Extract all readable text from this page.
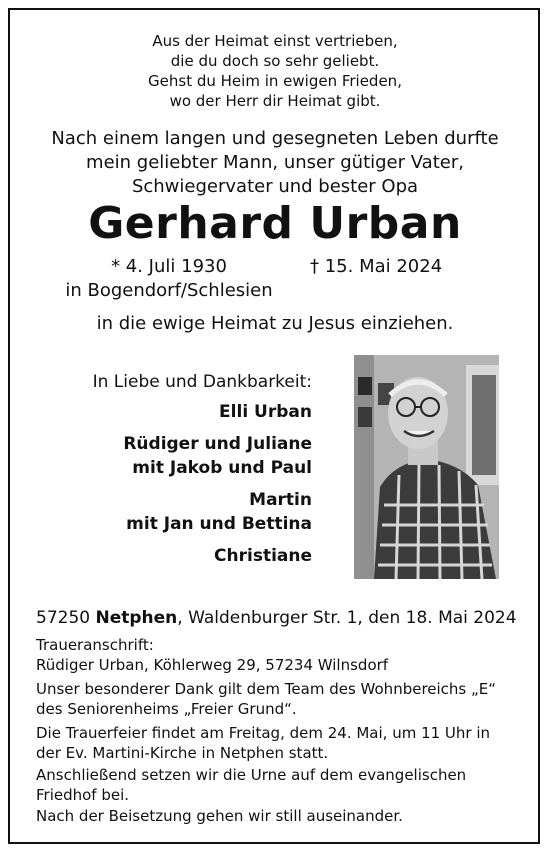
Aus der Heimat einst vertrieben,
die du doch so sehr geliebt.
Gehst du Heim in ewigen Frieden,
wo der Herr dir Heimat gibt.
Nach einem langen und gesegneten Leben durfte
mein geliebter Mann, unser gütiger Vater,
Schwiegervater und bester Opa
Gerhard Urban
* 4. Juli 1930
in Bogendorf/Schlesien
† 15. Mai 2024
in die ewige Heimat zu Jesus einziehen.
In Liebe und Dankbarkeit:
Elli Urban
Rüdiger und Juliane
mit Jakob und Paul
Martin
mit Jan und Bettina
Christiane
57250 Netphen, Waldenburger Str. 1, den 18. Mai 2024
Traueranschrift:
Rüdiger Urban, Köhlerweg 29, 57234 Wilnsdorf
Unser besonderer Dank gilt dem Team des Wohnbereichs „E“
des Seniorenheims „Freier Grund“.
Die Trauerfeier findet am Freitag, dem 24. Mai, um 11 Uhr in
der Ev. Martini-Kirche in Netphen statt.
Anschließend setzen wir die Urne auf dem evangelischen
Friedhof bei.
Nach der Beisetzung gehen wir still auseinander.
